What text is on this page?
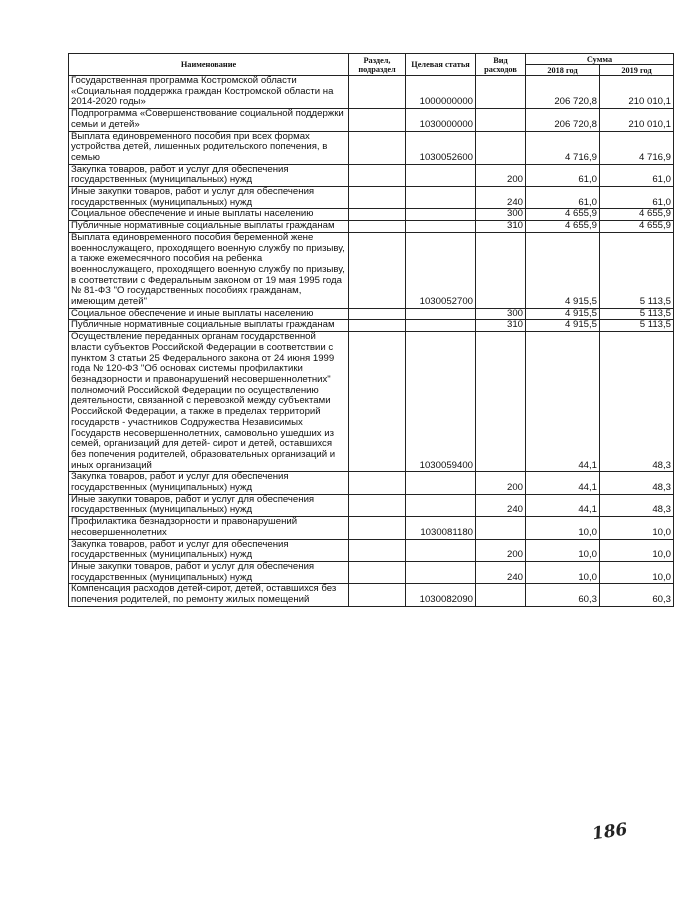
Наименование	Раздел, подраздел	Целевая статья	Вид расходов	Сумма	
				2018 год	2019 год
Государственная программа Костромской области «Социальная поддержка граждан Костромской области на 2014-2020 годы»		1000000000		206 720,8	210 010,1
Подпрограмма «Совершенствование социальной поддержки семьи и детей»		1030000000		206 720,8	210 010,1
Выплата единовременного пособия при всех формах устройства детей, лишенных родительского попечения, в семью		1030052600		4 716,9	4 716,9
Закупка товаров, работ и услуг для обеспечения государственных (муниципальных) нужд			200	61,0	61,0
Иные закупки товаров, работ и услуг для обеспечения государственных (муниципальных) нужд			240	61,0	61,0
Социальное обеспечение и иные выплаты населению			300	4 655,9	4 655,9
Публичные нормативные социальные выплаты гражданам			310	4 655,9	4 655,9
Выплата единовременного пособия беременной жене военнослужащего, проходящего военную службу по призыву, а также ежемесячного пособия на ребенка военнослужащего, проходящего военную службу по призыву, в соответствии с Федеральным законом от 19 мая 1995 года № 81-ФЗ "О государственных пособиях гражданам, имеющим детей"		1030052700		4 915,5	5 113,5
Социальное обеспечение и иные выплаты населению			300	4 915,5	5 113,5
Публичные нормативные социальные выплаты гражданам			310	4 915,5	5 113,5
Осуществление переданных органам государственной власти субъектов Российской Федерации в соответствии с пунктом 3 статьи 25 Федерального закона от 24 июня 1999 года № 120-ФЗ "Об основах системы профилактики безнадзорности и правонарушений несовершеннолетних" полномочий Российской Федерации по осуществлению деятельности, связанной с перевозкой между субъектами Российской Федерации, а также в пределах территорий государств - участников Содружества Независимых Государств несовершеннолетних, самовольно ушедших из семей, организаций для детей- сирот и детей, оставшихся без попечения родителей, образовательных организаций и иных организаций		1030059400		44,1	48,3
Закупка товаров, работ и услуг для обеспечения государственных (муниципальных) нужд			200	44,1	48,3
Иные закупки товаров, работ и услуг для обеспечения государственных (муниципальных) нужд			240	44,1	48,3
Профилактика безнадзорности и правонарушений несовершеннолетних		1030081180		10,0	10,0
Закупка товаров, работ и услуг для обеспечения государственных (муниципальных) нужд			200	10,0	10,0
Иные закупки товаров, работ и услуг для обеспечения государственных (муниципальных) нужд			240	10,0	10,0
Компенсация расходов детей-сирот, детей, оставшихся без попечения родителей, по ремонту жилых помещений		1030082090		60,3	60,3
186
